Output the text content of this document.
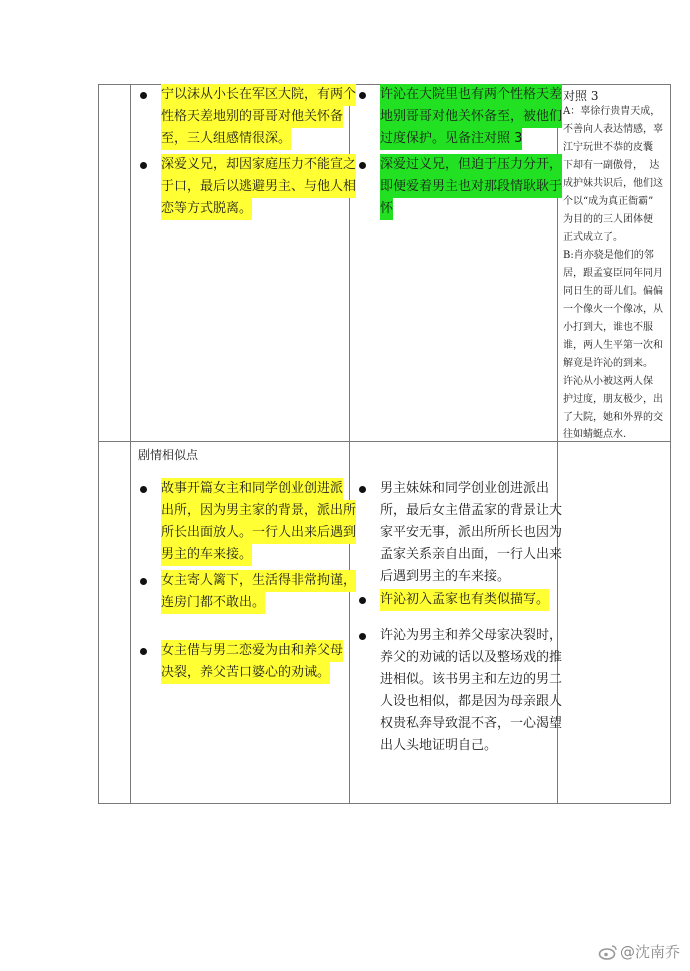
宁以沫从小长在军区大院，有两个
性格天差地别的哥哥对他关怀备
至，三人组感情很深。
深爱义兄，却因家庭压力不能宣之
于口，最后以逃避男主、与他人相
恋等方式脱离。
许沁在大院里也有两个性格天差
地别哥哥对他关怀备至，被他们
过度保护。见备注对照 3
深爱过义兄，但迫于压力分开，
即便爱着男主也对那段情耿耿于
怀
对照 3
A：辜徐行贵胄天成，
不善向人表达情感，辜
江宁玩世不恭的皮囊
下却有一副傲骨，  达
成护妹共识后，他们这
个以“成为真正衙霸”
为目的的三人团体便
正式成立了。
B:肖亦骁是他们的邻
居，跟孟宴臣同年同月
同日生的哥儿们。偏偏
一个像火一个像冰，从
小打到大，谁也不服
谁，两人生平第一次和
解竟是许沁的到来。
许沁从小被这两人保
护过度，朋友极少，出
了大院，她和外界的交
往如蜻蜓点水.
剧情相似点
故事开篇女主和同学创业创进派
出所，因为男主家的背景，派出所
所长出面放人。一行人出来后遇到
男主的车来接。
女主寄人篱下，生活得非常拘谨，
连房门都不敢出。
女主借与男二恋爱为由和养父母
决裂，养父苦口婆心的劝诫。
男主妹妹和同学创业创进派出
所，最后女主借孟家的背景让大
家平安无事，派出所所长也因为
孟家关系亲自出面，一行人出来
后遇到男主的车来接。
许沁初入孟家也有类似描写。
许沁为男主和养父母家决裂时，
养父的劝诫的话以及整场戏的推
进相似。该书男主和左边的男二
人设也相似，都是因为母亲跟人
权贵私奔导致混不吝，一心渴望
出人头地证明自己。
@沈南乔
